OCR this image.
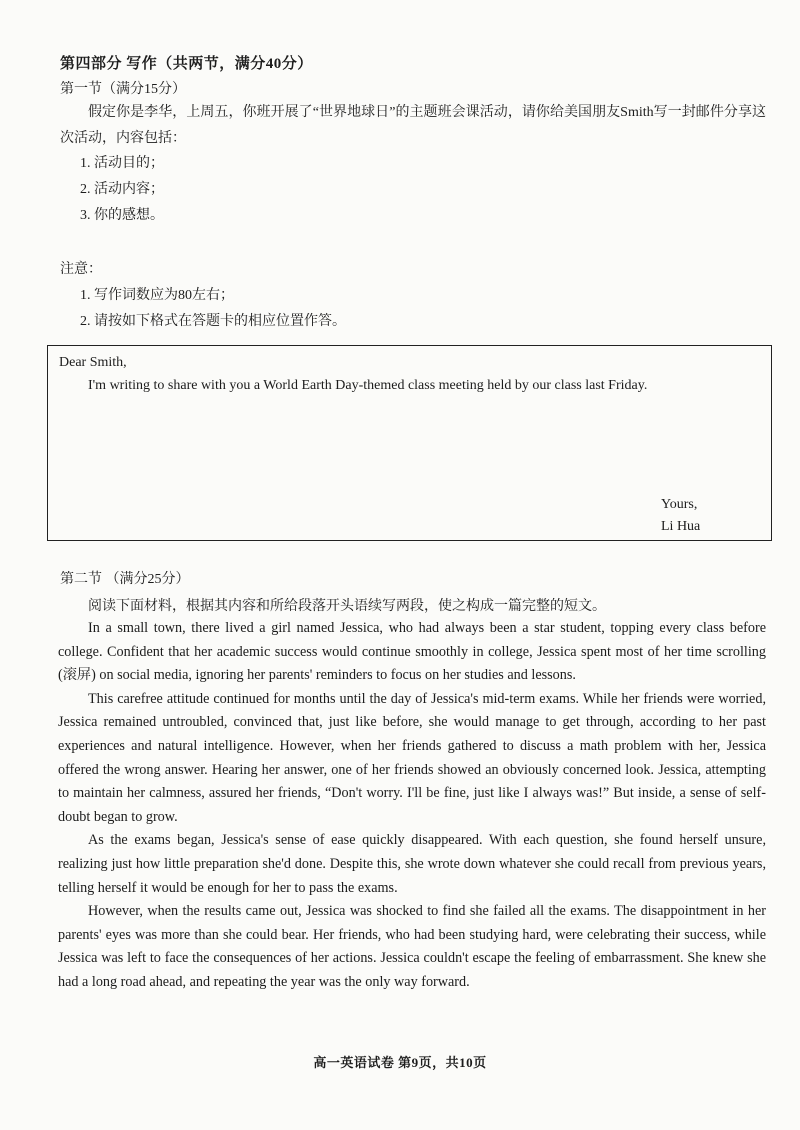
第四部分 写作（共两节，满分40分）
第一节（满分15分）

假定你是李华，上周五，你班开展了“世界地球日”的主题班会课活动，请你给美国朋友Smith写一封邮件分享这次活动，内容包括：

1. 活动目的；
2. 活动内容；
3. 你的感想。
注意：
1. 写作词数应为80左右；
2. 请按如下格式在答题卡的相应位置作答。
Dear Smith,
I'm writing to share with you a World Earth Day-themed class meeting held by our class last Friday.
Yours,
Li Hua
第二节 （满分25分）
阅读下面材料，根据其内容和所给段落开头语续写两段，使之构成一篇完整的短文。

In a small town, there lived a girl named Jessica, who had always been a star student, topping every class before college. Confident that her academic success would continue smoothly in college, Jessica spent most of her time scrolling (滚屏) on social media, ignoring her parents' reminders to focus on her studies and lessons.

This carefree attitude continued for months until the day of Jessica's mid-term exams. While her friends were worried, Jessica remained untroubled, convinced that, just like before, she would manage to get through, according to her past experiences and natural intelligence. However, when her friends gathered to discuss a math problem with her, Jessica offered the wrong answer. Hearing her answer, one of her friends showed an obviously concerned look. Jessica, attempting to maintain her calmness, assured her friends, “Don't worry. I'll be fine, just like I always was!” But inside, a sense of self-doubt began to grow.

As the exams began, Jessica's sense of ease quickly disappeared. With each question, she found herself unsure, realizing just how little preparation she'd done. Despite this, she wrote down whatever she could recall from previous years, telling herself it would be enough for her to pass the exams.

However, when the results came out, Jessica was shocked to find she failed all the exams. The disappointment in her parents' eyes was more than she could bear. Her friends, who had been studying hard, were celebrating their success, while Jessica was left to face the consequences of her actions. Jessica couldn't escape the feeling of embarrassment. She knew she had a long road ahead, and repeating the year was the only way forward.

高一英语试卷 第9页，共10页
